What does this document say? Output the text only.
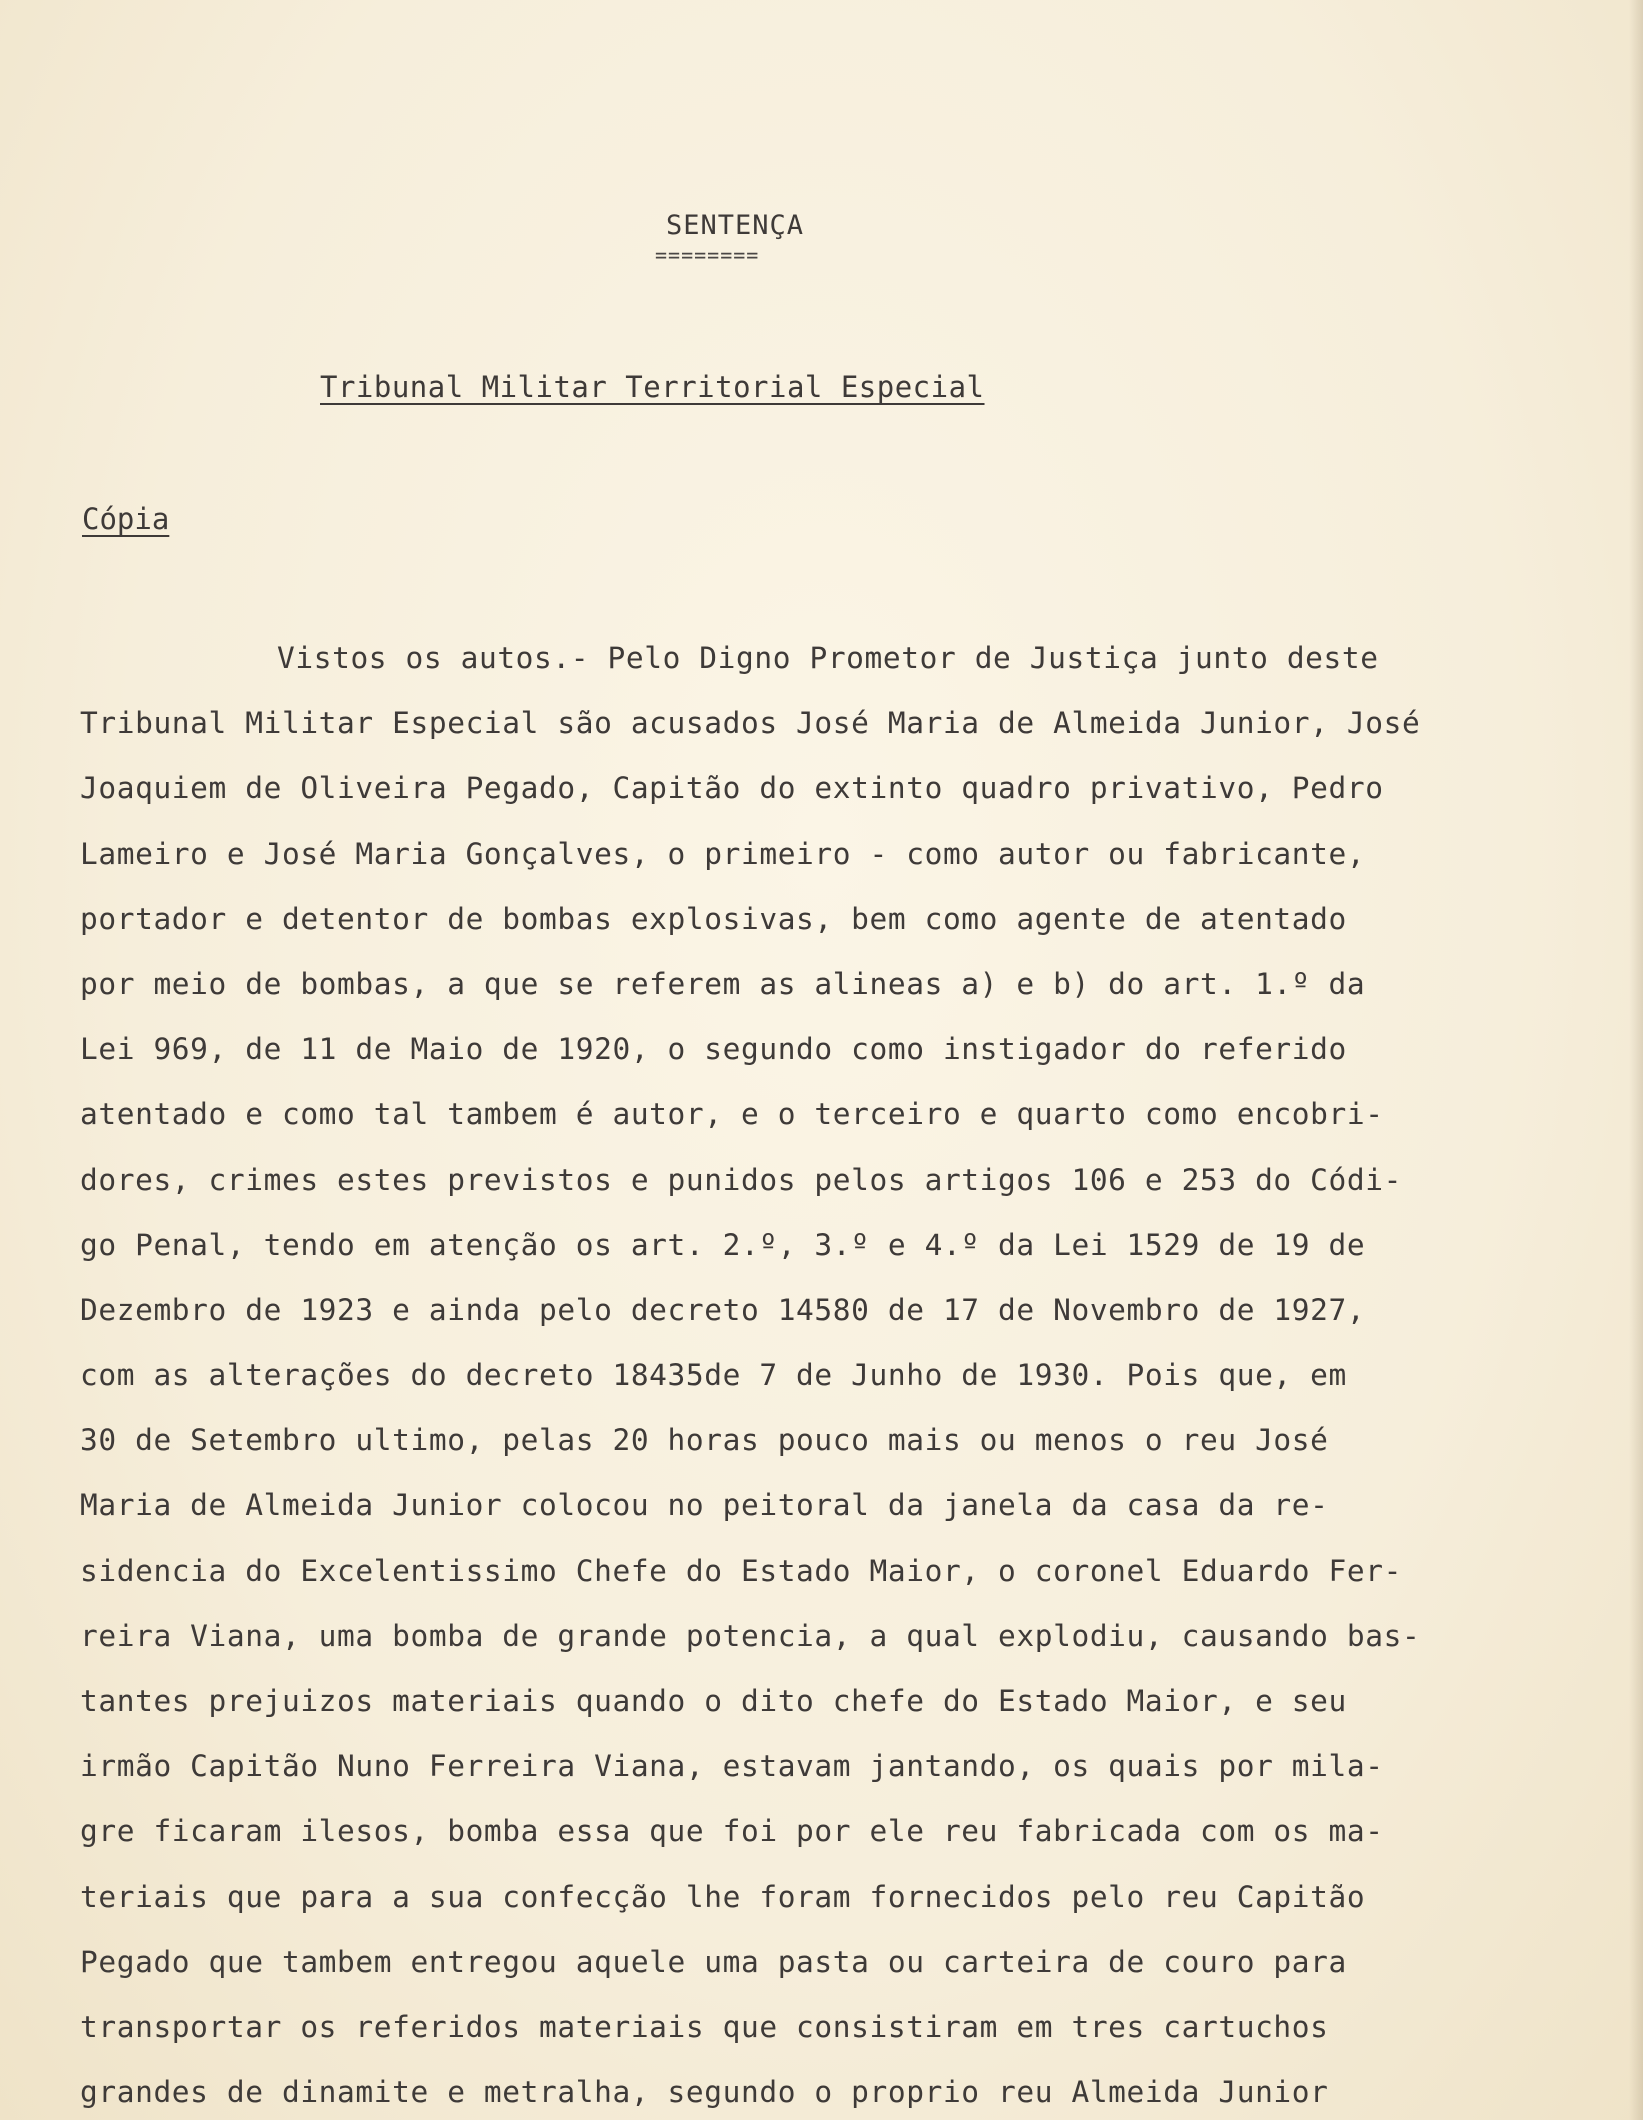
SENTENÇA
========
Tribunal Militar Territorial Especial
Cópia
Vistos os autos.- Pelo Digno Prometor de Justiça junto deste
Tribunal Militar Especial são acusados José Maria de Almeida Junior, José
Joaquiem de Oliveira Pegado, Capitão do extinto quadro privativo, Pedro
Lameiro e José Maria Gonçalves, o primeiro - como autor ou fabricante,
portador e detentor de bombas explosivas, bem como agente de atentado
por meio de bombas, a que se referem as alineas a) e b) do art. 1.º da
Lei 969, de 11 de Maio de 1920, o segundo como instigador do referido
atentado e como tal tambem é autor, e o terceiro e quarto como encobri-
dores, crimes estes previstos e punidos pelos artigos 106 e 253 do Códi-
go Penal, tendo em atenção os art. 2.º, 3.º e 4.º da Lei 1529 de 19 de
Dezembro de 1923 e ainda pelo decreto 14580 de 17 de Novembro de 1927,
com as alterações do decreto 18435de 7 de Junho de 1930. Pois que, em
30 de Setembro ultimo, pelas 20 horas pouco mais ou menos o reu José
Maria de Almeida Junior colocou no peitoral da janela da casa da re-
sidencia do Excelentissimo Chefe do Estado Maior, o coronel Eduardo Fer-
reira Viana, uma bomba de grande potencia, a qual explodiu, causando bas-
tantes prejuizos materiais quando o dito chefe do Estado Maior, e seu
irmão Capitão Nuno Ferreira Viana, estavam jantando, os quais por mila-
gre ficaram ilesos, bomba essa que foi por ele reu fabricada com os ma-
teriais que para a sua confecção lhe foram fornecidos pelo reu Capitão
Pegado que tambem entregou aquele uma pasta ou carteira de couro para
transportar os referidos materiais que consistiram em tres cartuchos
grandes de dinamite e metralha, segundo o proprio reu Almeida Junior
